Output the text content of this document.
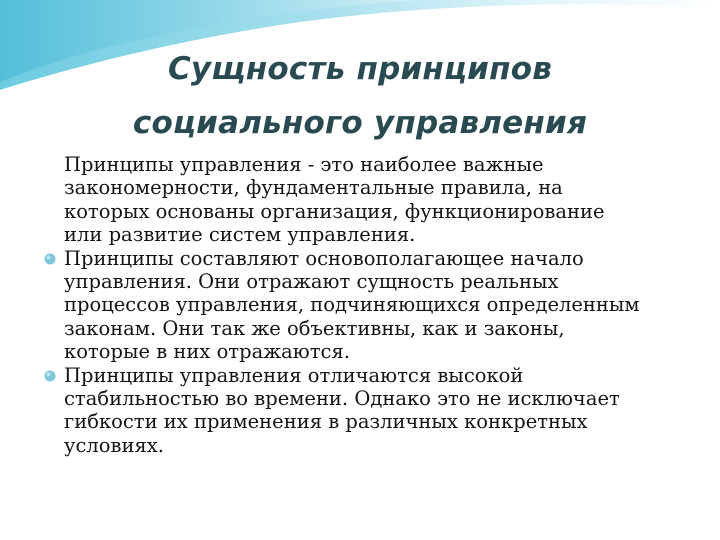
Сущность принципов
социального управления
Принципы управления - это наиболее важные
закономерности, фундаментальные правила, на
которых основаны организация, функционирование
или развитие систем управления.
Принципы составляют основополагающее начало
управления. Они отражают сущность реальных
процессов управления, подчиняющихся определенным
законам. Они так же объективны, как и законы,
которые в них отражаются.
Принципы управления отличаются высокой
стабильностью во времени. Однако это не исключает
гибкости их применения в различных конкретных
условиях.
